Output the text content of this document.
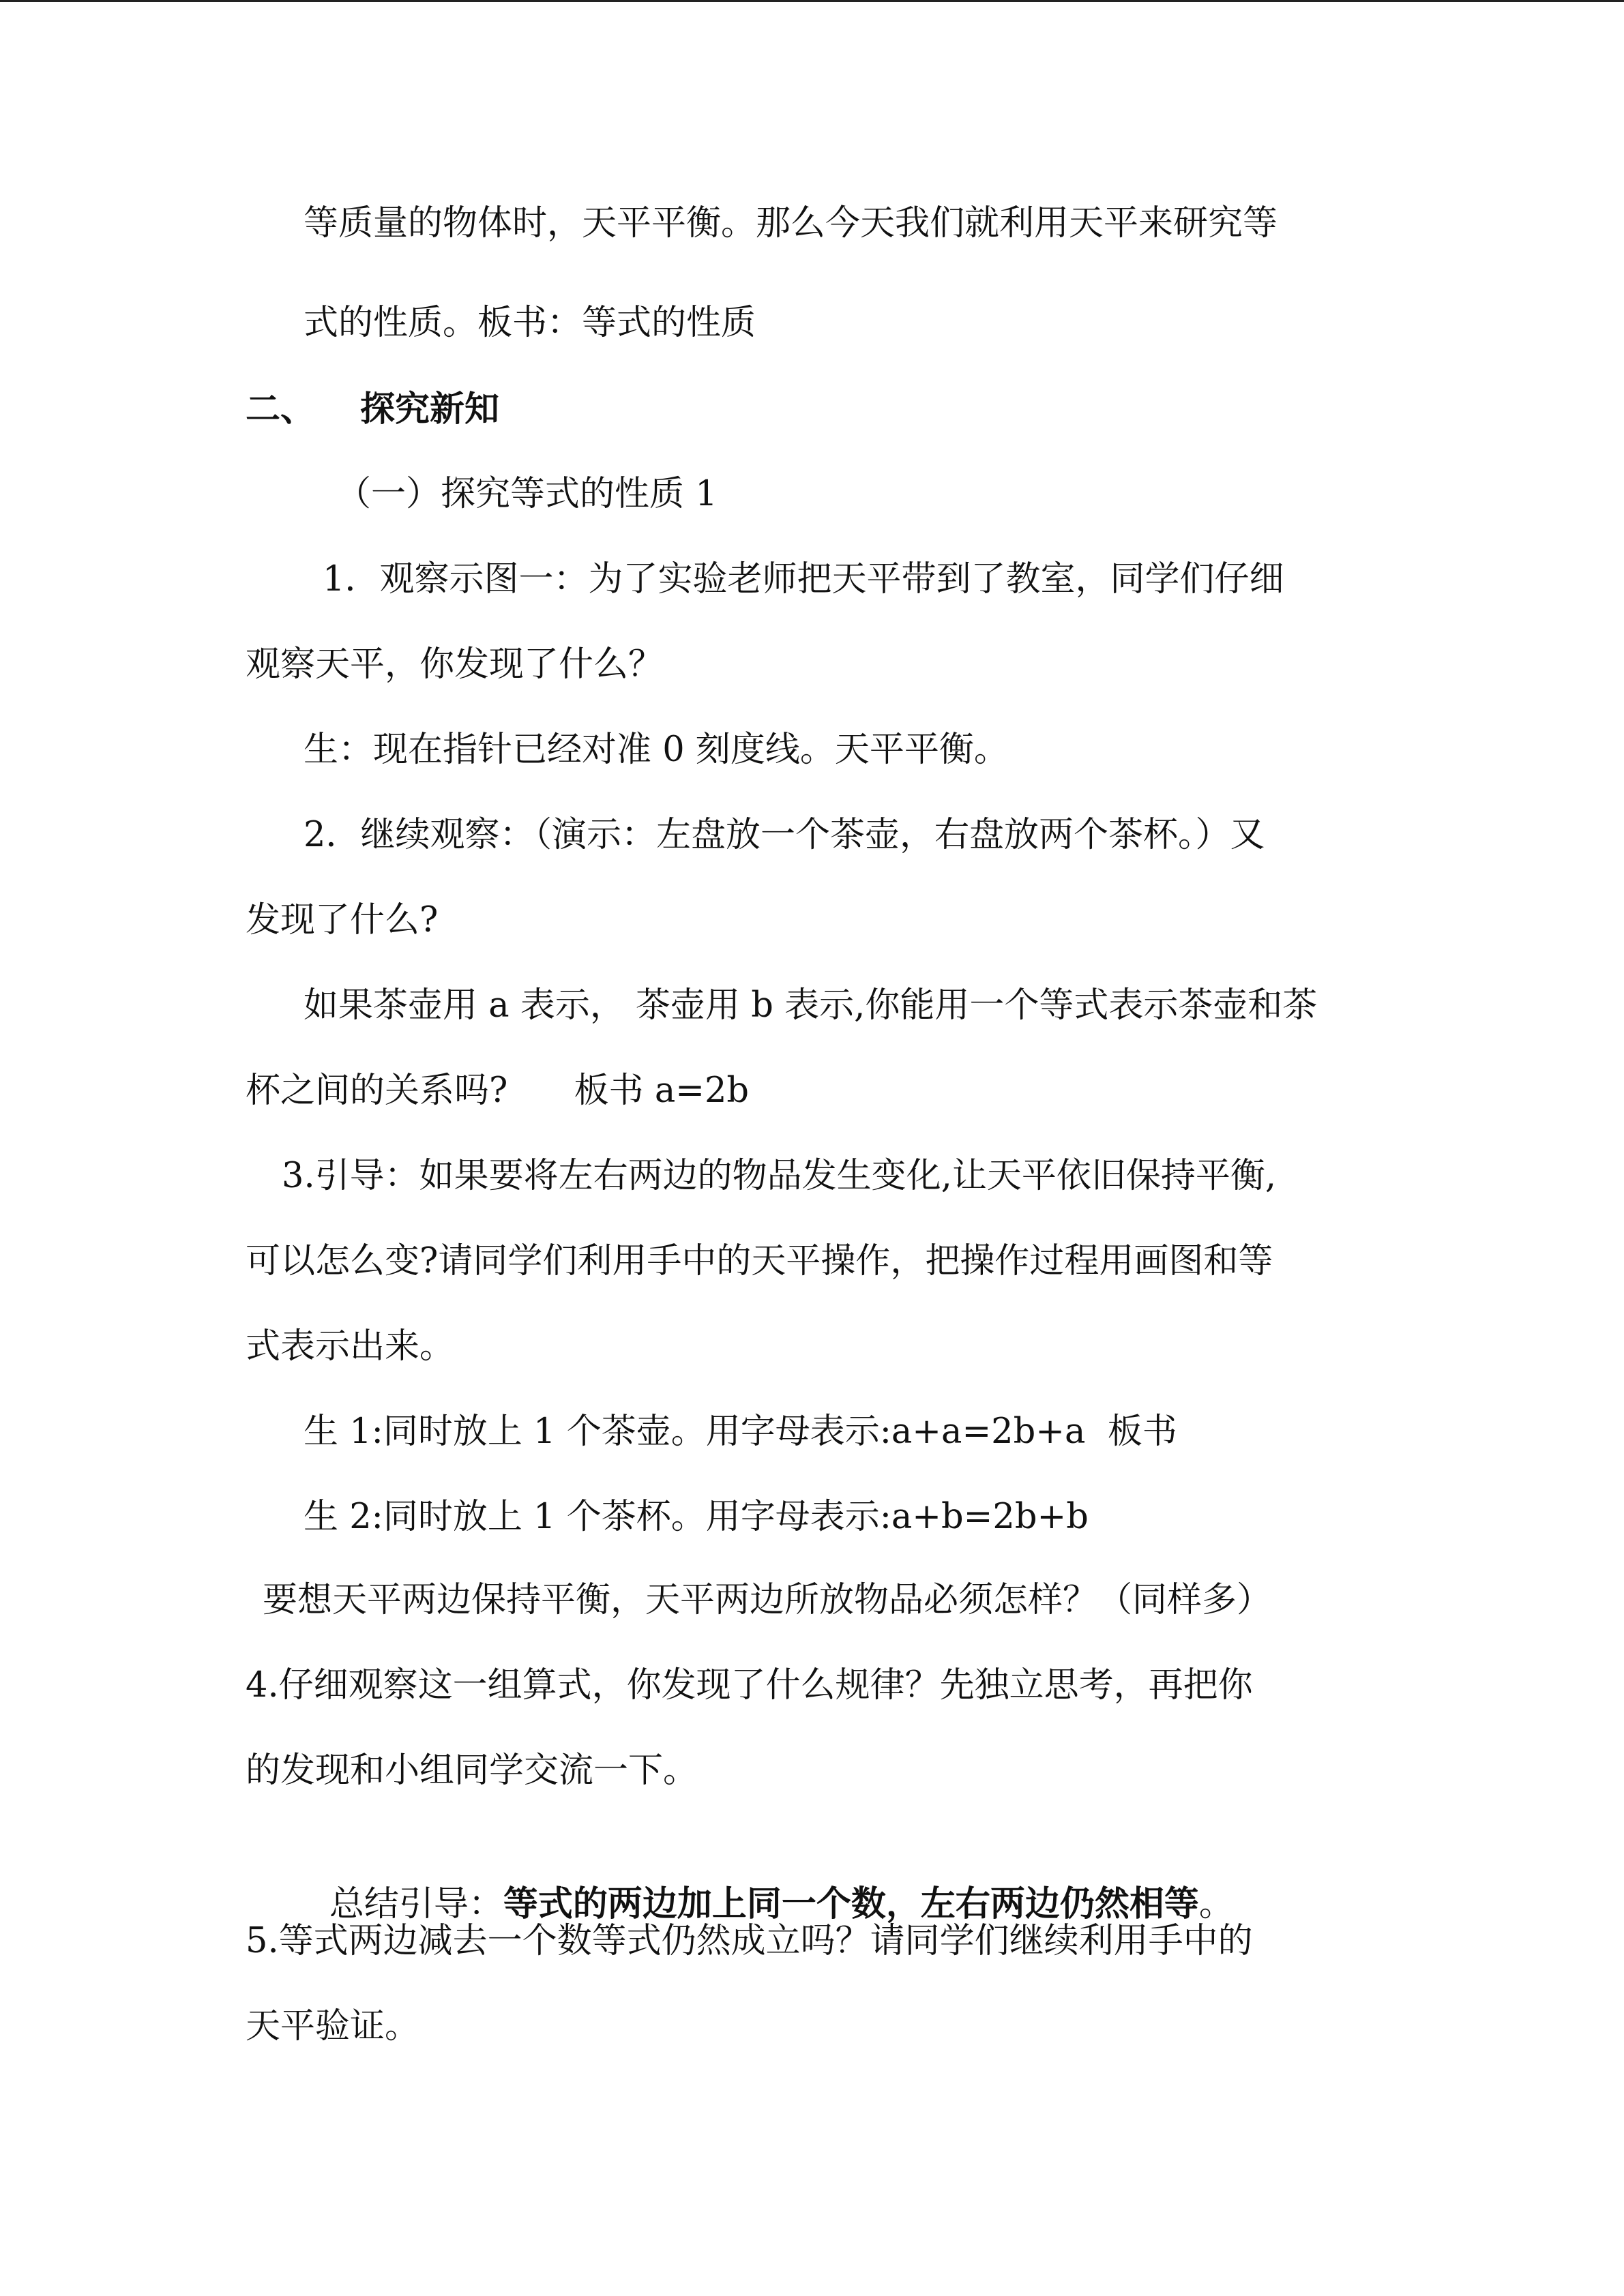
等质量的物体时，天平平衡。那么今天我们就利用天平来研究等
式的性质。板书：等式的性质
二、 探究新知
（一）探究等式的性质 1
1．观察示图一：为了实验老师把天平带到了教室，同学们仔细
观察天平，你发现了什么？
生：现在指针已经对准 0 刻度线。天平平衡。
2．继续观察：（演示：左盘放一个茶壶，右盘放两个茶杯。）又
发现了什么?
如果茶壶用 a 表示， 茶壶用 b 表示,你能用一个等式表示茶壶和茶
杯之间的关系吗?      板书 a=2b
3.引导：如果要将左右两边的物品发生变化,让天平依旧保持平衡,
可以怎么变?请同学们利用手中的天平操作，把操作过程用画图和等
式表示出来。
生 1:同时放上 1 个茶壶。用字母表示:a+a=2b+a  板书
生 2:同时放上 1 个茶杯。用字母表示:a+b=2b+b
要想天平两边保持平衡，天平两边所放物品必须怎样？（同样多）
4.仔细观察这一组算式，你发现了什么规律？先独立思考，再把你
的发现和小组同学交流一下。

总结引导：等式的两边加上同一个数，左右两边仍然相等。

5.等式两边减去一个数等式仍然成立吗？请同学们继续利用手中的
天平验证。
